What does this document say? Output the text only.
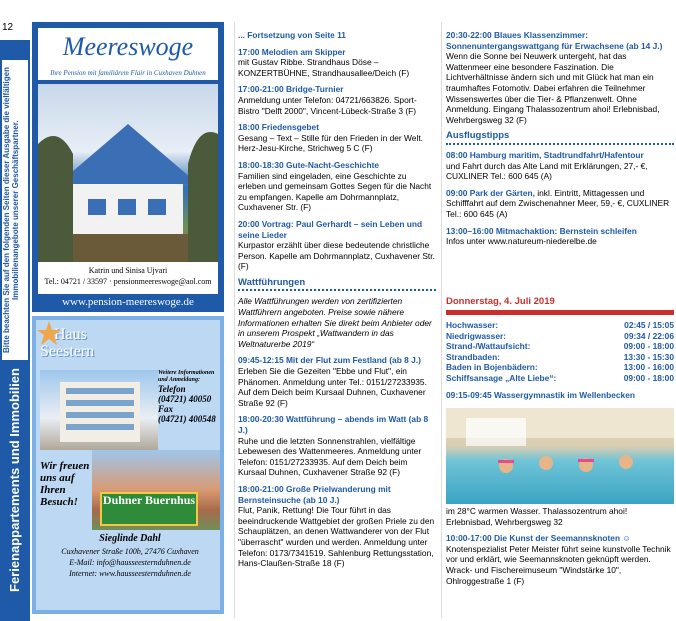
12
Bitte beachten Sie auf den folgenden Seiten dieser Ausgabe die vielfältigen Immobilienangebote unserer Geschäftspartner.
Ferienappartements und Immobilien
Meereswoge
Ihre Pension mit familiärem Flair in Cuxhaven Duhnen
Katrin und Sinisa Ujvari
Tel.: 04721 / 33597 · pensionmeereswoge@aol.com
www.pension-meereswoge.de
Haus
Seestern
Weitere Informationen und Anmeldung:
Telefon
(04721) 40050
Fax
(04721) 400548
Wir freuen uns auf Ihren Besuch!	Duhner Buernhus
Sieglinde Dahl
Cuxhavener Straße 100b, 27476 Cuxhaven
E-Mail: info@hausseesternduhnen.de
Internet: www.hausseesternduhnen.de

... Fortsetzung von Seite 11

17:00 Melodien am Skipper
mit Gustav Ribbe. Strandhaus Döse – KONZERTBÜHNE, Strandhausallee/Deich (F)

17:00-21:00 Bridge-Turnier
Anmeldung unter Telefon: 04721/663826. Sport-Bistro "Delft 2000", Vincent-Lübeck-Straße 3 (F)

18:00 Friedensgebet
Gesang – Text – Stille für den Frieden in der Welt. Herz-Jesu-Kirche, Strichweg 5 C (F)

18:00-18:30 Gute-Nacht-Geschichte
Familien sind eingeladen, eine Geschichte zu erleben und gemeinsam Gottes Segen für die Nacht zu empfangen. Kapelle am Dohrmannplatz, Cuxhavener Str. (F)

20:00 Vortrag: Paul Gerhardt – sein Leben und seine Lieder
Kurpastor erzählt über diese bedeutende christliche Person. Kapelle am Dohrmannplatz, Cuxhavener Str. (F)

Wattführungen

Alle Wattführungen werden von zertifizierten Wattführern angeboten. Preise sowie nähere Informationen erhalten Sie direkt beim Anbieter oder in unserem Prospekt „Wattwandern in das Weltnaturerbe 2019“

09:45-12:15 Mit der Flut zum Festland (ab 8 J.)
Erleben Sie die Gezeiten "Ebbe und Flut", ein Phänomen. Anmeldung unter Tel.: 0151/27233935. Auf dem Deich beim Kursaal Duhnen, Cuxhavener Straße 92 (F)

18:00-20:30 Wattführung – abends im Watt (ab 8 J.)
Ruhe und die letzten Sonnenstrahlen, vielfältige Lebewesen des Wattenmeeres. Anmeldung unter Telefon: 0151/27233935. Auf dem Deich beim Kursaal Duhnen, Cuxhavener Straße 92 (F)

18:00-21:00 Große Prielwanderung mit Bernsteinsuche (ab 10 J.)
Flut, Panik, Rettung! Die Tour führt in das beeindruckende Wattgebiet der großen Priele zu den Schauplätzen, an denen Wattwanderer von der Flut "überrascht" wurden und werden. Anmeldung unter Telefon: 0173/7341519. Sahlenburg Rettungsstation, Hans-Claußen-Straße 18 (F)

20:30-22:00 Blaues Klassenzimmer: Sonnenuntergangswattgang für Erwachsene (ab 14 J.)
Wenn die Sonne bei Neuwerk untergeht, hat das Wattenmeer eine besondere Faszination. Die Lichtverhältnisse ändern sich und mit Glück hat man ein traumhaftes Fotomotiv. Dabei erfahren die Teilnehmer Wissenswertes über die Tier- & Pflanzenwelt. Ohne Anmeldung. Eingang Thalassozentrum ahoi! Erlebnisbad, Wehrbergsweg 32 (F)

Ausflugstipps

08:00 Hamburg maritim, Stadtrundfahrt/Hafentour
und Fahrt durch das Alte Land mit Erklärungen, 27,- €, CUXLINER Tel.: 600 645 (A)

09:00 Park der Gärten, inkl. Eintritt, Mittagessen und Schifffahrt auf dem Zwischenahner Meer, 59,- €, CUXLINER Tel.: 600 645 (A)

13:00–16:00 Mitmachaktion: Bernstein schleifen
Infos unter www.natureum-niederelbe.de

Donnerstag, 4. Juli 2019
Hochwasser:	02:45 / 15:05
Niedrigwasser:	09:34 / 22:06
Strand-/Wattaufsicht:	09:00 - 18:00
Strandbaden:	13:30 - 15:30
Baden in Bojenbädern:	13:00 - 16:00
Schiffsansage „Alte Liebe“:	09:00 - 18:00
09:15-09:45 Wassergymnastik im Wellenbecken

im 28°C warmen Wasser. Thalassozentrum ahoi! Erlebnisbad, Wehrbergsweg 32

10:00-17:00 Die Kunst der Seemannsknoten ☺
Knotenspezialist Peter Meister führt seine kunstvolle Technik vor und erklärt, wie Seemannsknoten geknüpft werden. Wrack- und Fischereimuseum "Windstärke 10", Ohlroggestraße 1 (F)
